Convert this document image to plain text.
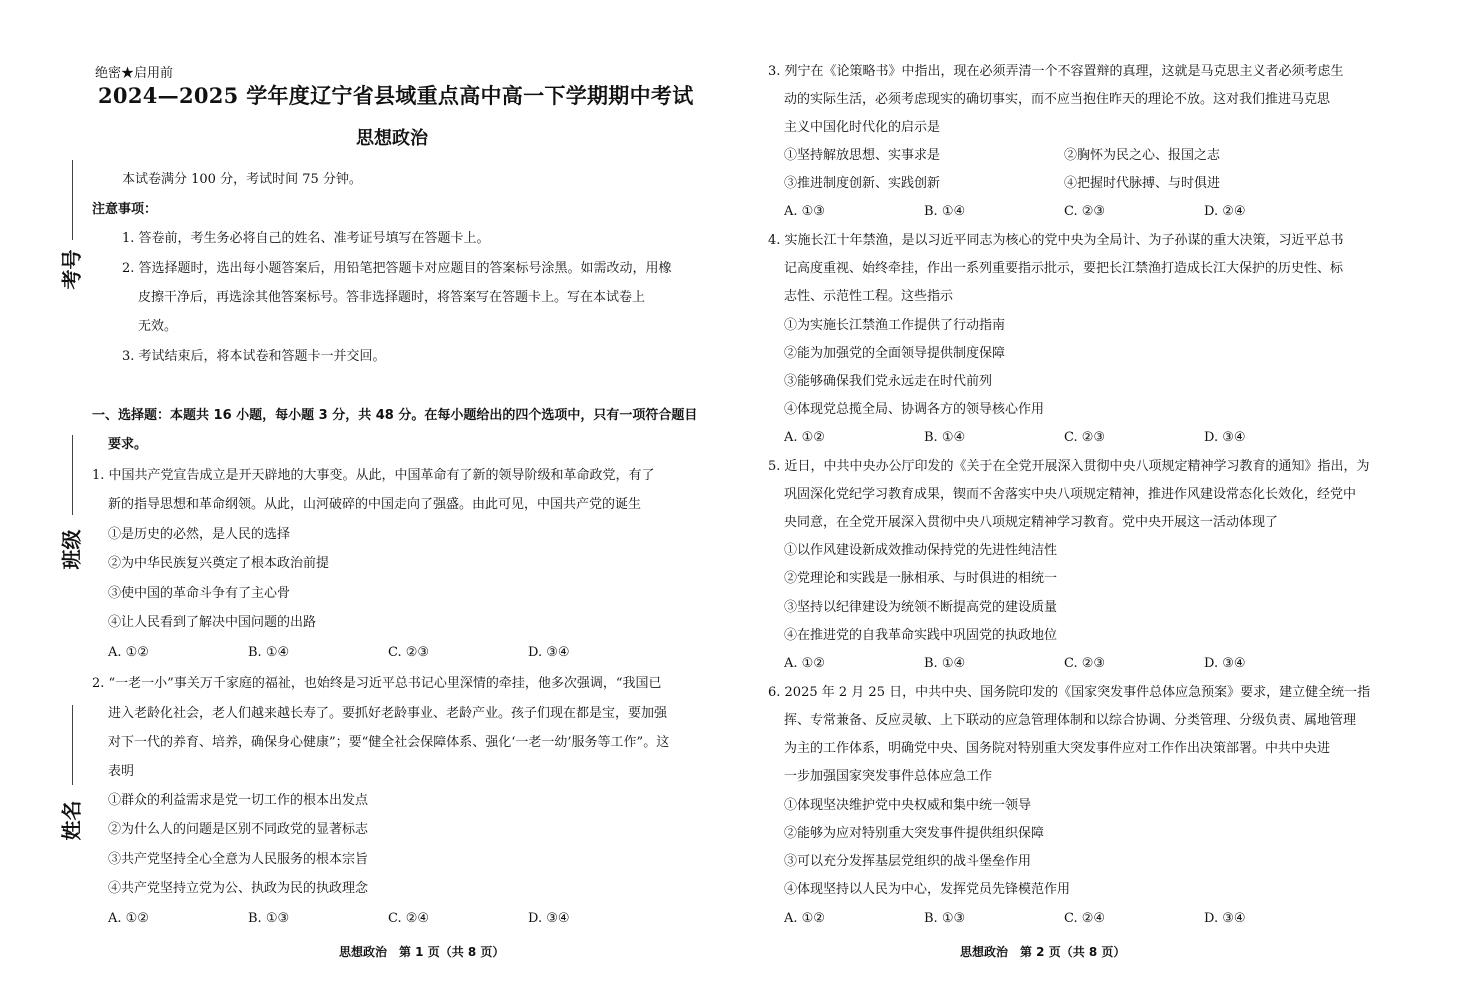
考号
班级
姓名
绝密★启用前
2024—2025 学年度辽宁省县域重点高中高一下学期期中考试
思想政治
本试卷满分 100 分，考试时间 75 分钟。
注意事项：
1. 答卷前，考生务必将自己的姓名、准考证号填写在答题卡上。
2. 答选择题时，选出每小题答案后，用铅笔把答题卡对应题目的答案标号涂黑。如需改动，用橡
皮擦干净后，再选涂其他答案标号。答非选择题时，将答案写在答题卡上。写在本试卷上
无效。
3. 考试结束后，将本试卷和答题卡一并交回。
一、选择题：本题共 16 小题，每小题 3 分，共 48 分。在每小题给出的四个选项中，只有一项符合题目
要求。
1. 中国共产党宣告成立是开天辟地的大事变。从此，中国革命有了新的领导阶级和革命政党，有了
新的指导思想和革命纲领。从此，山河破碎的中国走向了强盛。由此可见，中国共产党的诞生
①是历史的必然，是人民的选择
②为中华民族复兴奠定了根本政治前提
③使中国的革命斗争有了主心骨
④让人民看到了解决中国问题的出路
A. ①②	B. ①④	C. ②③	D. ③④
2. “一老一小”事关万千家庭的福祉，也始终是习近平总书记心里深情的牵挂，他多次强调，“我国已
进入老龄化社会，老人们越来越长寿了。要抓好老龄事业、老龄产业。孩子们现在都是宝，要加强
对下一代的养育、培养，确保身心健康”；要“健全社会保障体系、强化‘一老一幼’服务等工作”。这
表明
①群众的利益需求是党一切工作的根本出发点
②为什么人的问题是区别不同政党的显著标志
③共产党坚持全心全意为人民服务的根本宗旨
④共产党坚持立党为公、执政为民的执政理念
A. ①②	B. ①③	C. ②④	D. ③④
思想政治　第 1 页（共 8 页）
3. 列宁在《论策略书》中指出，现在必须弄清一个不容置辩的真理，这就是马克思主义者必须考虑生
动的实际生活，必须考虑现实的确切事实，而不应当抱住昨天的理论不放。这对我们推进马克思
主义中国化时代化的启示是
①坚持解放思想、实事求是	②胸怀为民之心、报国之志
③推进制度创新、实践创新	④把握时代脉搏、与时俱进
A. ①③	B. ①④	C. ②③	D. ②④
4. 实施长江十年禁渔，是以习近平同志为核心的党中央为全局计、为子孙谋的重大决策，习近平总书
记高度重视、始终牵挂，作出一系列重要指示批示，要把长江禁渔打造成长江大保护的历史性、标
志性、示范性工程。这些指示
①为实施长江禁渔工作提供了行动指南
②能为加强党的全面领导提供制度保障
③能够确保我们党永远走在时代前列
④体现党总揽全局、协调各方的领导核心作用
A. ①②	B. ①④	C. ②③	D. ③④
5. 近日，中共中央办公厅印发的《关于在全党开展深入贯彻中央八项规定精神学习教育的通知》指出，为
巩固深化党纪学习教育成果，锲而不舍落实中央八项规定精神，推进作风建设常态化长效化，经党中
央同意，在全党开展深入贯彻中央八项规定精神学习教育。党中央开展这一活动体现了
①以作风建设新成效推动保持党的先进性纯洁性
②党理论和实践是一脉相承、与时俱进的相统一
③坚持以纪律建设为统领不断提高党的建设质量
④在推进党的自我革命实践中巩固党的执政地位
A. ①②	B. ①④	C. ②③	D. ③④
6. 2025 年 2 月 25 日，中共中央、国务院印发的《国家突发事件总体应急预案》要求，建立健全统一指
挥、专常兼备、反应灵敏、上下联动的应急管理体制和以综合协调、分类管理、分级负责、属地管理
为主的工作体系，明确党中央、国务院对特别重大突发事件应对工作作出决策部署。中共中央进
一步加强国家突发事件总体应急工作
①体现坚决维护党中央权威和集中统一领导
②能够为应对特别重大突发事件提供组织保障
③可以充分发挥基层党组织的战斗堡垒作用
④体现坚持以人民为中心，发挥党员先锋模范作用
A. ①②	B. ①③	C. ②④	D. ③④
思想政治　第 2 页（共 8 页）
